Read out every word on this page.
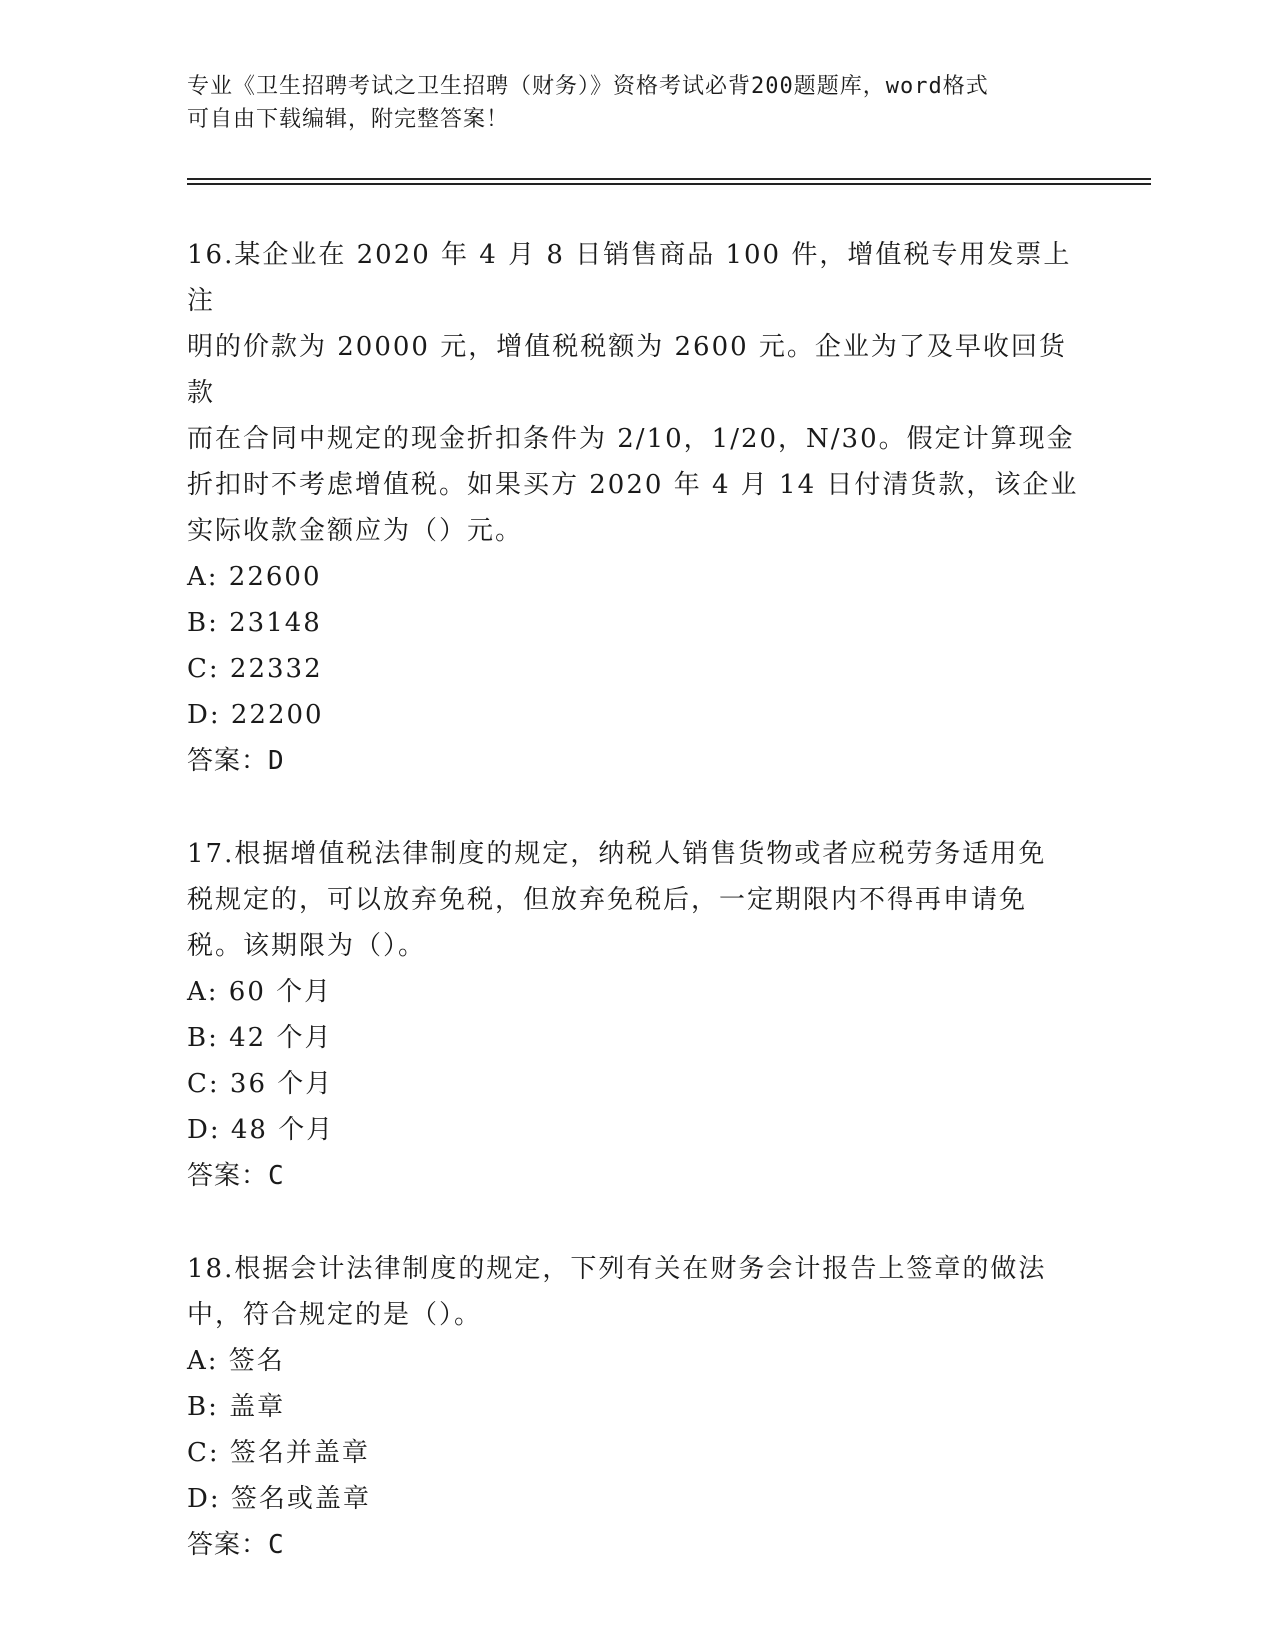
专业《卫生招聘考试之卫生招聘（财务）》资格考试必背200题题库，word格式
可自由下载编辑，附完整答案！

16.某企业在 2020 年 4 月 8 日销售商品 100 件，增值税专用发票上注

明的价款为 20000 元，增值税税额为 2600 元。企业为了及早收回货款

而在合同中规定的现金折扣条件为 2/10，1/20，N/30。假定计算现金

折扣时不考虑增值税。如果买方 2020 年 4 月 14 日付清货款，该企业

实际收款金额应为（）元。

A: 22600

B: 23148

C: 22332

D: 22200

答案：D

17.根据增值税法律制度的规定，纳税人销售货物或者应税劳务适用免

税规定的，可以放弃免税，但放弃免税后，一定期限内不得再申请免

税。该期限为（）。

A: 60 个月

B: 42 个月

C: 36 个月

D: 48 个月

答案：C

18.根据会计法律制度的规定，下列有关在财务会计报告上签章的做法

中，符合规定的是（）。

A: 签名

B: 盖章

C: 签名并盖章

D: 签名或盖章

答案：C
